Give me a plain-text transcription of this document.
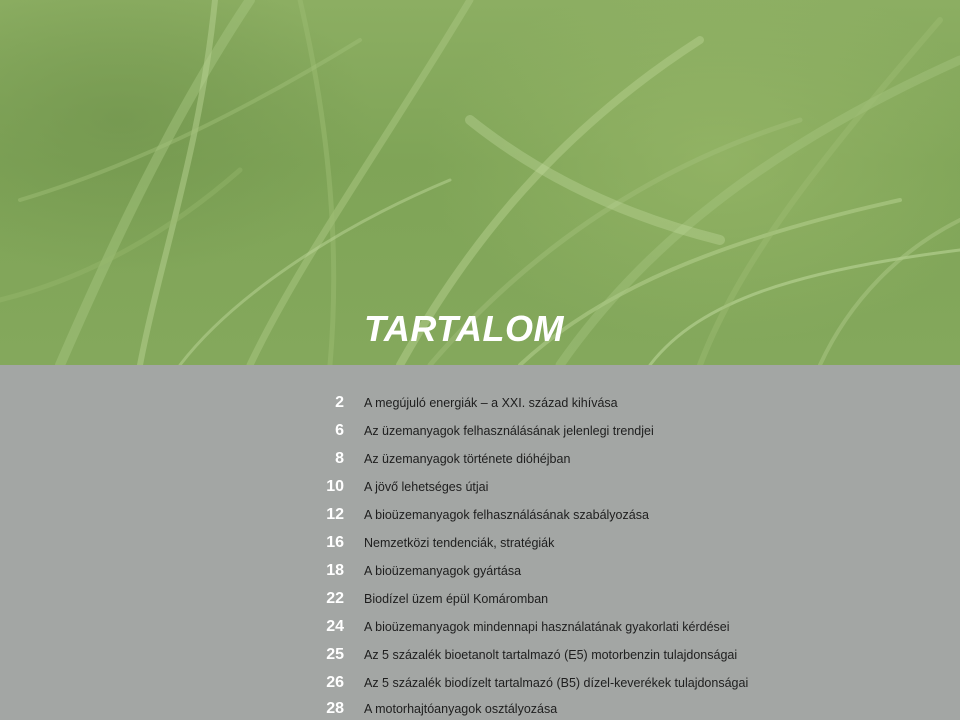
TARTALOM
2 A megújuló energiák – a XXI. század kihívása
6 Az üzemanyagok felhasználásának jelenlegi trendjei
8 Az üzemanyagok története dióhéjban
10 A jövő lehetséges útjai
12 A bioüzemanyagok felhasználásának szabályozása
16 Nemzetközi tendenciák, stratégiák
18 A bioüzemanyagok gyártása
22 Biodízel üzem épül Komáromban
24 A bioüzemanyagok mindennapi használatának gyakorlati kérdései
25 Az 5 százalék bioetanolt tartalmazó (E5) motorbenzin tulajdonságai
26 Az 5 százalék biodízelt tartalmazó (B5) dízel-keverékek tulajdonságai
28 A motorhajtóanyagok osztályozása
